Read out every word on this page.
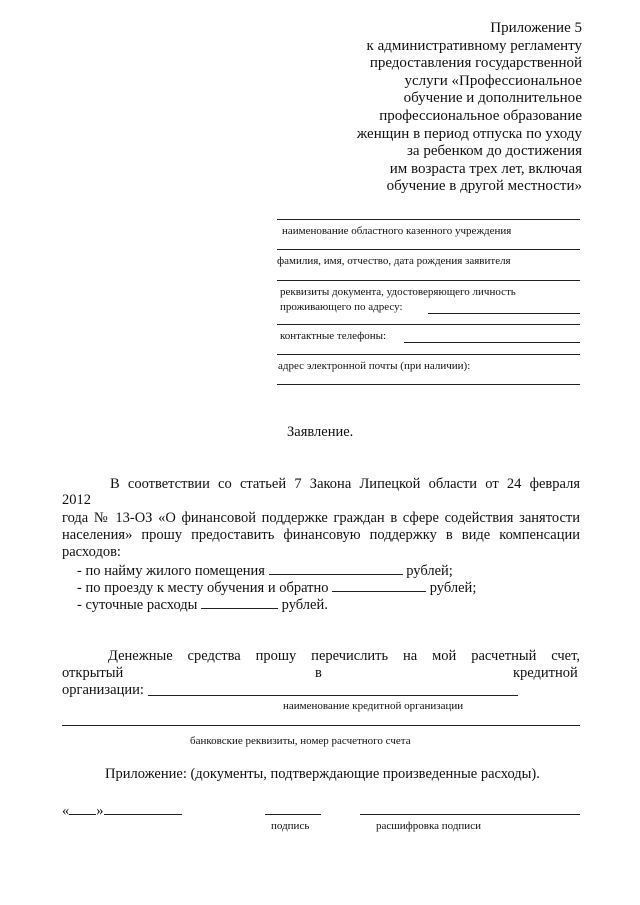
Приложение 5
к административному регламенту
предоставления государственной
услуги «Профессиональное
обучение и дополнительное
профессиональное образование
женщин в период отпуска по уходу
за ребенком до достижения
им возраста трех лет, включая
обучение в другой местности»
наименование областного казенного учреждения
фамилия, имя, отчество, дата рождения заявителя
реквизиты документа, удостоверяющего личность
проживающего по адресу:
контактные телефоны:
адрес электронной почты (при наличии):
Заявление.
В соответствии со статьей 7 Закона Липецкой области от 24 февраля
2012
года № 13-ОЗ «О финансовой поддержке граждан в сфере содействия занятости
населения» прошу предоставить финансовую поддержку в виде компенсации
расходов:
- по найму жилого помещения	рублей;
- по проезду к месту обучения и обратно	рублей;
- суточные расходы	рублей.
Денежные средства прошу перечислить на мой расчетный счет,
открытый	в	кредитной
организации:
наименование кредитной организации
банковские реквизиты, номер расчетного счета
Приложение: (документы, подтверждающие произведенные расходы).
« »
подпись	расшифровка подписи
